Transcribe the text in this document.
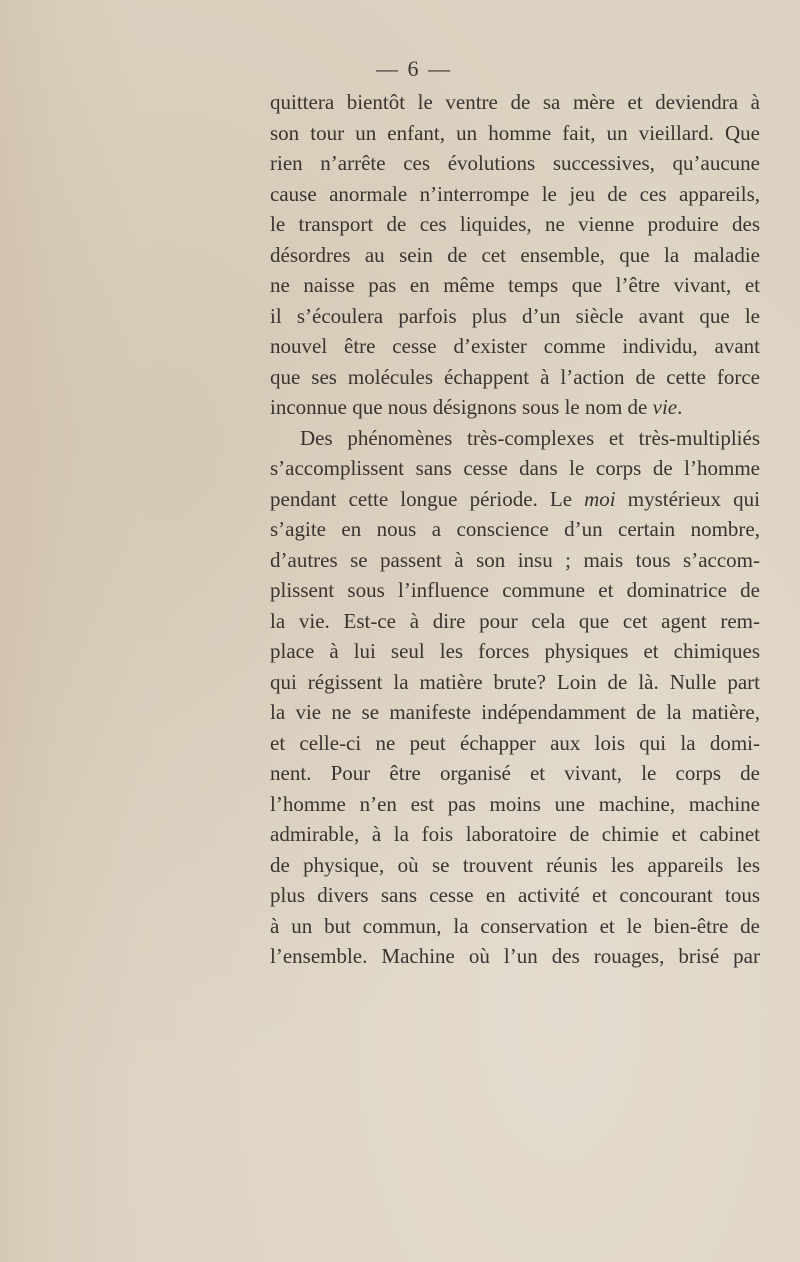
— 6 —
quittera bientôt le ventre de sa mère et deviendra à
son tour un enfant, un homme fait, un vieillard. Que
rien n’arrête ces évolutions successives, qu’aucune
cause anormale n’interrompe le jeu de ces appareils,
le transport de ces liquides, ne vienne produire des
désordres au sein de cet ensemble, que la maladie
ne naisse pas en même temps que l’être vivant, et
il s’écoulera parfois plus d’un siècle avant que le
nouvel être cesse d’exister comme individu, avant
que ses molécules échappent à l’action de cette force
inconnue que nous désignons sous le nom de vie.
Des phénomènes très-complexes et très-multipliés
s’accomplissent sans cesse dans le corps de l’homme
pendant cette longue période. Le moi mystérieux qui
s’agite en nous a conscience d’un certain nombre,
d’autres se passent à son insu ; mais tous s’accom-
plissent sous l’influence commune et dominatrice de
la vie. Est-ce à dire pour cela que cet agent rem-
place à lui seul les forces physiques et chimiques
qui régissent la matière brute? Loin de là. Nulle part
la vie ne se manifeste indépendamment de la matière,
et celle-ci ne peut échapper aux lois qui la domi-
nent. Pour être organisé et vivant, le corps de
l’homme n’en est pas moins une machine, machine
admirable, à la fois laboratoire de chimie et cabinet
de physique, où se trouvent réunis les appareils les
plus divers sans cesse en activité et concourant tous
à un but commun, la conservation et le bien-être de
l’ensemble. Machine où l’un des rouages, brisé par
